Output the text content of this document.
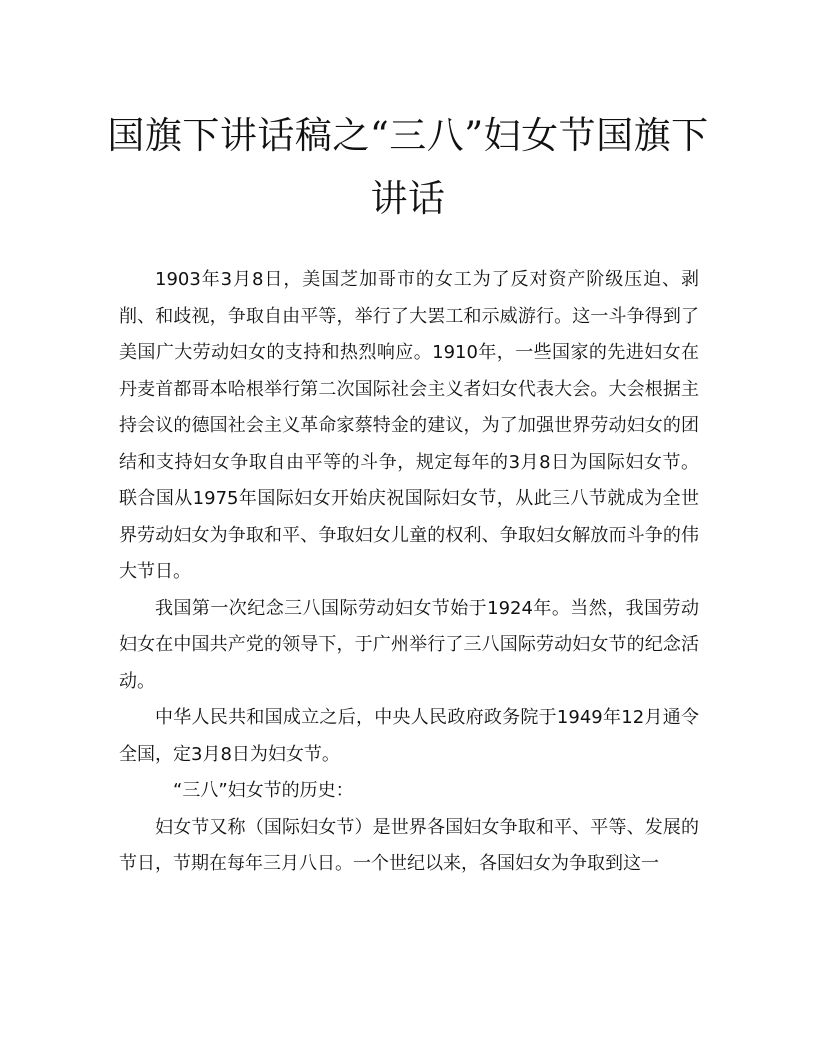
国旗下讲话稿之“三八”妇女节国旗下讲话

1903年3月8日，美国芝加哥市的女工为了反对资产阶级压迫、剥削、和歧视，争取自由平等，举行了大罢工和示威游行。这一斗争得到了美国广大劳动妇女的支持和热烈响应。1910年，一些国家的先进妇女在丹麦首都哥本哈根举行第二次国际社会主义者妇女代表大会。大会根据主持会议的德国社会主义革命家蔡特金的建议，为了加强世界劳动妇女的团结和支持妇女争取自由平等的斗争，规定每年的3月8日为国际妇女节。联合国从1975年国际妇女开始庆祝国际妇女节，从此三八节就成为全世界劳动妇女为争取和平、争取妇女儿童的权利、争取妇女解放而斗争的伟大节日。

我国第一次纪念三八国际劳动妇女节始于1924年。当然，我国劳动妇女在中国共产党的领导下，于广州举行了三八国际劳动妇女节的纪念活动。

中华人民共和国成立之后，中央人民政府政务院于1949年12月通令全国，定3月8日为妇女节。

“三八”妇女节的历史：

妇女节又称（国际妇女节）是世界各国妇女争取和平、平等、发展的节日，节期在每年三月八日。一个世纪以来，各国妇女为争取到这一
